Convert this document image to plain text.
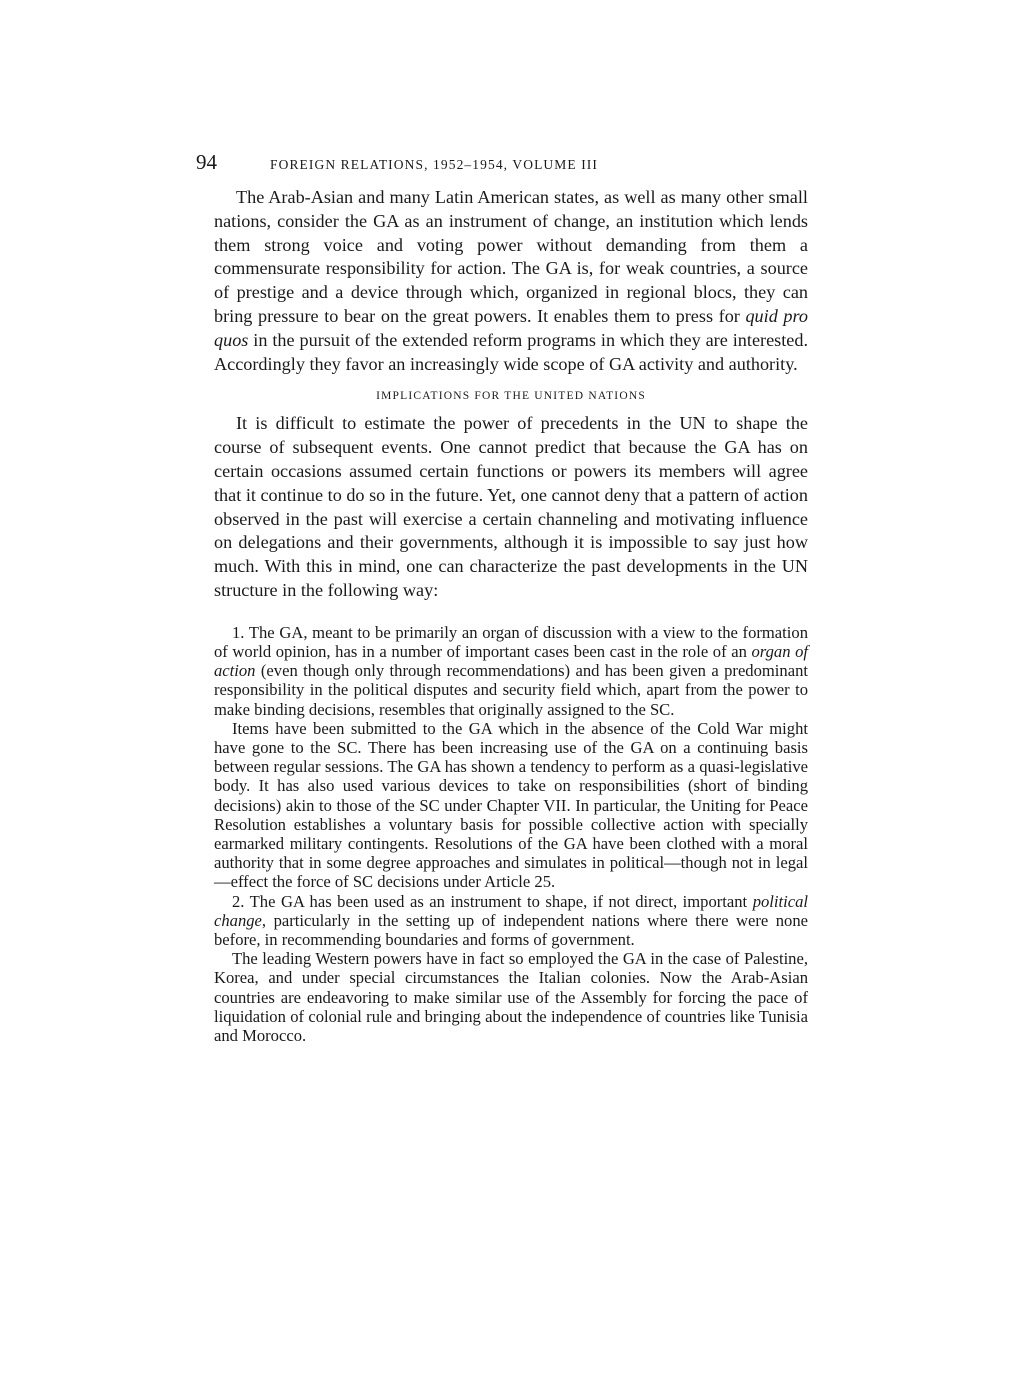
94	FOREIGN RELATIONS, 1952–1954, VOLUME III

The Arab-Asian and many Latin American states, as well as many other small nations, consider the GA as an instrument of change, an institution which lends them strong voice and voting power without demanding from them a commensurate responsibility for action. The GA is, for weak countries, a source of prestige and a device through which, organized in regional blocs, they can bring pressure to bear on the great powers. It enables them to press for quid pro quos in the pursuit of the extended reform programs in which they are interested. Accordingly they favor an increasingly wide scope of GA activity and authority.

IMPLICATIONS FOR THE UNITED NATIONS

It is difficult to estimate the power of precedents in the UN to shape the course of subsequent events. One cannot predict that because the GA has on certain occasions assumed certain functions or powers its members will agree that it continue to do so in the future. Yet, one cannot deny that a pattern of action observed in the past will exercise a certain channeling and motivating influence on delegations and their governments, although it is impossible to say just how much. With this in mind, one can characterize the past developments in the UN structure in the following way:

1. The GA, meant to be primarily an organ of discussion with a view to the formation of world opinion, has in a number of important cases been cast in the role of an organ of action (even though only through recommendations) and has been given a predominant responsibility in the political disputes and security field which, apart from the power to make binding decisions, resembles that originally assigned to the SC.

Items have been submitted to the GA which in the absence of the Cold War might have gone to the SC. There has been increasing use of the GA on a continuing basis between regular sessions. The GA has shown a tendency to perform as a quasi-legislative body. It has also used various devices to take on responsibilities (short of binding decisions) akin to those of the SC under Chapter VII. In particular, the Uniting for Peace Resolution establishes a voluntary basis for possible collective action with specially earmarked military contingents. Resolutions of the GA have been clothed with a moral authority that in some degree approaches and simulates in political—though not in legal—effect the force of SC decisions under Article 25.

2. The GA has been used as an instrument to shape, if not direct, important political change, particularly in the setting up of independent nations where there were none before, in recommending boundaries and forms of government.

The leading Western powers have in fact so employed the GA in the case of Palestine, Korea, and under special circumstances the Italian colonies. Now the Arab-Asian countries are endeavoring to make similar use of the Assembly for forcing the pace of liquidation of colonial rule and bringing about the independence of countries like Tunisia and Morocco.
